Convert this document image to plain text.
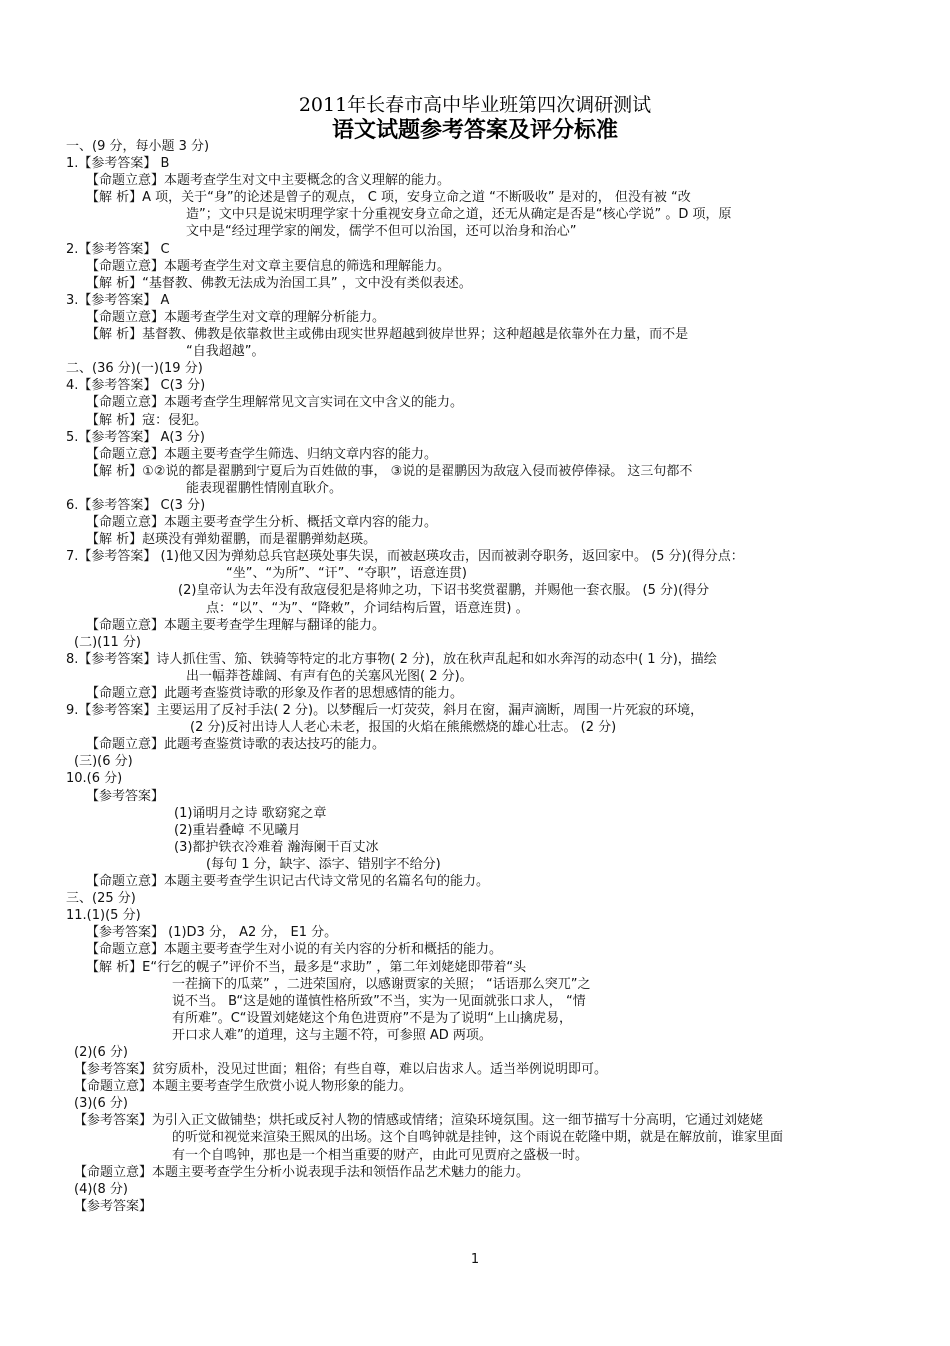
2011年长春市高中毕业班第四次调研测试
语文试题参考答案及评分标准
一、(9 分，每小题 3 分)
1.【参考答案】 B
【命题立意】本题考查学生对文中主要概念的含义理解的能力。
【解 析】A 项，关于“身”的论述是曾子的观点， C 项，安身立命之道 “不断吸收” 是对的， 但没有被 “改
造”；文中只是说宋明理学家十分重视安身立命之道，还无从确定是否是“核心学说” 。D 项，原
文中是“经过理学家的阐发，儒学不但可以治国，还可以治身和治心”
2.【参考答案】 C
【命题立意】本题考查学生对文章主要信息的筛选和理解能力。
【解 析】“基督教、佛教无法成为治国工具” ，文中没有类似表述。
3.【参考答案】 A
【命题立意】本题考查学生对文章的理解分析能力。
【解 析】基督教、佛教是依靠救世主或佛由现实世界超越到彼岸世界；这种超越是依靠外在力量，而不是
“自我超越”。
二、(36 分)(一)(19 分)
4.【参考答案】 C(3 分)
【命题立意】本题考查学生理解常见文言实词在文中含义的能力。
【解 析】寇：侵犯。
5.【参考答案】 A(3 分)
【命题立意】本题主要考查学生筛选、归纳文章内容的能力。
【解 析】①②说的都是翟鹏到宁夏后为百姓做的事， ③说的是翟鹏因为敌寇入侵而被停俸禄。 这三句都不
能表现翟鹏性情刚直耿介。
6.【参考答案】 C(3 分)
【命题立意】本题主要考查学生分析、概括文章内容的能力。
【解 析】赵瑛没有弹劾翟鹏，而是翟鹏弹劾赵瑛。
7.【参考答案】 (1)他又因为弹劾总兵官赵瑛处事失误，而被赵瑛攻击，因而被剥夺职务，返回家中。 (5 分)(得分点：
“坐”、“为所”、“讦”、“夺职”，语意连贯)
(2)皇帝认为去年没有敌寇侵犯是将帅之功，下诏书奖赏翟鹏，并赐他一套衣服。 (5 分)(得分
点：“以”、“为”、“降敕”，介词结构后置，语意连贯) 。
【命题立意】本题主要考查学生理解与翻译的能力。
(二)(11 分)
8.【参考答案】诗人抓住雪、笳、铁骑等特定的北方事物( 2 分)，放在秋声乱起和如水奔泻的动态中( 1 分)，描绘
出一幅莽苍雄阔、有声有色的关塞风光图( 2 分)。
【命题立意】此题考查鉴赏诗歌的形象及作者的思想感情的能力。
9.【参考答案】主要运用了反衬手法( 2 分)。以梦醒后一灯荧荧，斜月在窗，漏声滴断，周围一片死寂的环境，
(2 分)反衬出诗人人老心未老，报国的火焰在熊熊燃烧的雄心壮志。 (2 分)
【命题立意】此题考查鉴赏诗歌的表达技巧的能力。
(三)(6 分)
10.(6 分)
【参考答案】
(1)诵明月之诗 歌窈窕之章
(2)重岩叠嶂 不见曦月
(3)都护铁衣冷难着 瀚海阑干百丈冰
(每句 1 分，缺字、添字、错别字不给分)
【命题立意】本题主要考查学生识记古代诗文常见的名篇名句的能力。
三、(25 分)
11.(1)(5 分)
【参考答案】 (1)D3 分， A2 分， E1 分。
【命题立意】本题主要考查学生对小说的有关内容的分析和概括的能力。
【解 析】E“行乞的幌子”评价不当，最多是“求助” ，第二年刘姥姥即带着“头
一茬摘下的瓜菜” ，二进荣国府，以感谢贾家的关照； “话语那么突兀”之
说不当。 B“这是她的谨慎性格所致”不当，实为一见面就张口求人， “情
有所难”。C“设置刘姥姥这个角色进贾府”不是为了说明“上山擒虎易，
开口求人难”的道理，这与主题不符，可参照 AD 两项。
(2)(6 分)
【参考答案】贫穷质朴，没见过世面；粗俗；有些自尊，难以启齿求人。适当举例说明即可。
【命题立意】本题主要考查学生欣赏小说人物形象的能力。
(3)(6 分)
【参考答案】为引入正文做铺垫；烘托或反衬人物的情感或情绪；渲染环境氛围。这一细节描写十分高明，它通过刘姥姥
的听觉和视觉来渲染王熙凤的出场。这个自鸣钟就是挂钟，这个雨说在乾隆中期，就是在解放前，谁家里面
有一个自鸣钟，那也是一个相当重要的财产，由此可见贾府之盛极一时。
【命题立意】本题主要考查学生分析小说表现手法和领悟作品艺术魅力的能力。
(4)(8 分)
【参考答案】
1
